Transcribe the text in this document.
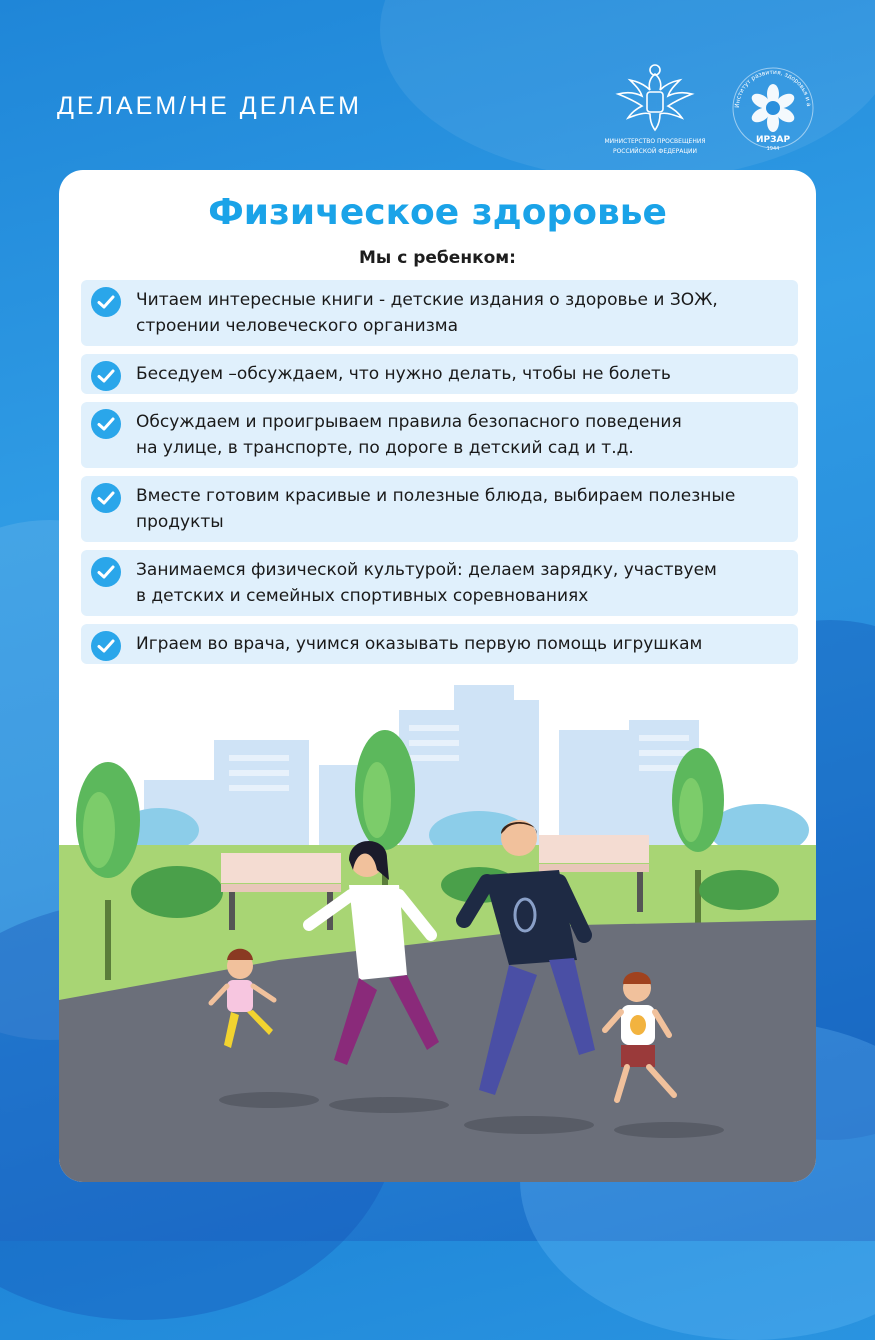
ДЕЛАЕМ/НЕ ДЕЛАЕМ
МИНИСТЕРСТВО ПРОСВЕЩЕНИЯ
РОССИЙСКОЙ ФЕДЕРАЦИИ
Институт развития, здоровья и а
ИРЗАР
1944
Физическое здоровье
Мы с ребенком:
Читаем интересные книги - детские издания о здоровье и ЗОЖ,
строении человеческого организма
Беседуем –обсуждаем, что нужно делать, чтобы не болеть
Обсуждаем и проигрываем правила безопасного поведения
на улице, в транспорте, по дороге в детский сад и т.д.
Вместе готовим красивые и полезные блюда, выбираем полезные
продукты
Занимаемся физической культурой: делаем зарядку, участвуем
в детских и семейных спортивных соревнованиях
Играем во врача, учимся оказывать первую помощь игрушкам
